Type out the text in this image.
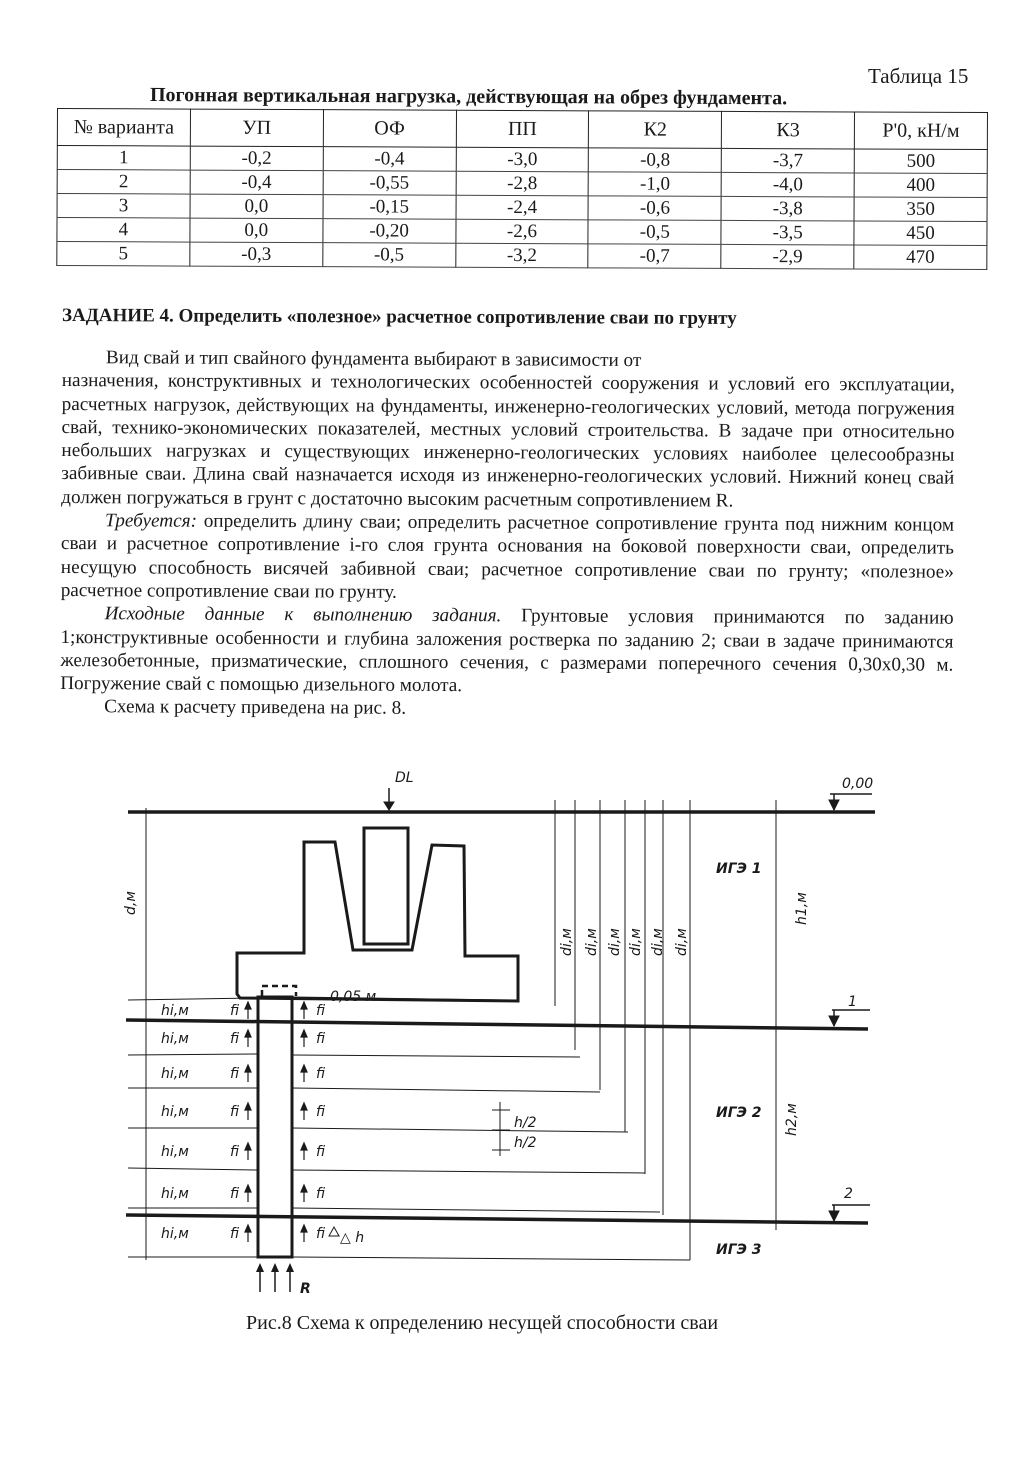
Таблица 15
Погонная вертикальная нагрузка, действующая на обрез фундамента.
№ варианта	УП	ОФ	ПП	К2	К3	P'0, кН/м
1	-0,2	-0,4	-3,0	-0,8	-3,7	500
2	-0,4	-0,55	-2,8	-1,0	-4,0	400
3	0,0	-0,15	-2,4	-0,6	-3,8	350
4	0,0	-0,20	-2,6	-0,5	-3,5	450
5	-0,3	-0,5	-3,2	-0,7	-2,9	470
ЗАДАНИЕ 4. Определить «полезное» расчетное сопротивление сваи по грунту

Вид свай и тип свайного фундамента выбирают в зависимости от

назначения, конструктивных и технологических особенностей сооружения и условий его эксплуатации, расчетных нагрузок, действующих на фундаменты, инженерно-геологических условий, метода погружения свай, технико-экономических показателей, местных условий строительства. В задаче при относительно небольших нагрузках и существующих инженерно-геологических условиях наиболее целесообразны забивные сваи. Длина свай назначается исходя из инженерно-геологических условий. Нижний конец свай должен погружаться в грунт с достаточно высоким расчетным сопротивлением R.

Требуется: определить длину сваи; определить расчетное сопротивление грунта под нижним концом сваи и расчетное сопротивление i-го слоя грунта основания на боковой поверхности сваи, определить несущую способность висячей забивной сваи; расчетное сопротивление сваи по грунту; «полезное» расчетное сопротивление сваи по грунту.

Исходные данные к выполнению задания. Грунтовые условия принимаются по заданию 1;конструктивные особенности и глубина заложения ростверка по заданию 2; сваи в задаче принимаются железобетонные, призматические, сплошного сечения, с размерами поперечного сечения 0,30х0,30 м. Погружение свай с помощью дизельного молота.

Схема к расчету приведена на рис. 8.

DL	0,00
d,м
di,м di,м di,м di,м di,м di,м
ИГЭ 1
ИГЭ 2
ИГЭ 3
h1,м
h2,м
0,05 м	1
2
h/2
h/2
△ h
R
hi,м
hi,м
hi,м
hi,м
hi,м
hi,м
hi,м
fi	fi
fi	fi
fi	fi
fi	fi
fi	fi
fi	fi
fi	fi
Рис.8 Схема к определению несущей способности сваи
